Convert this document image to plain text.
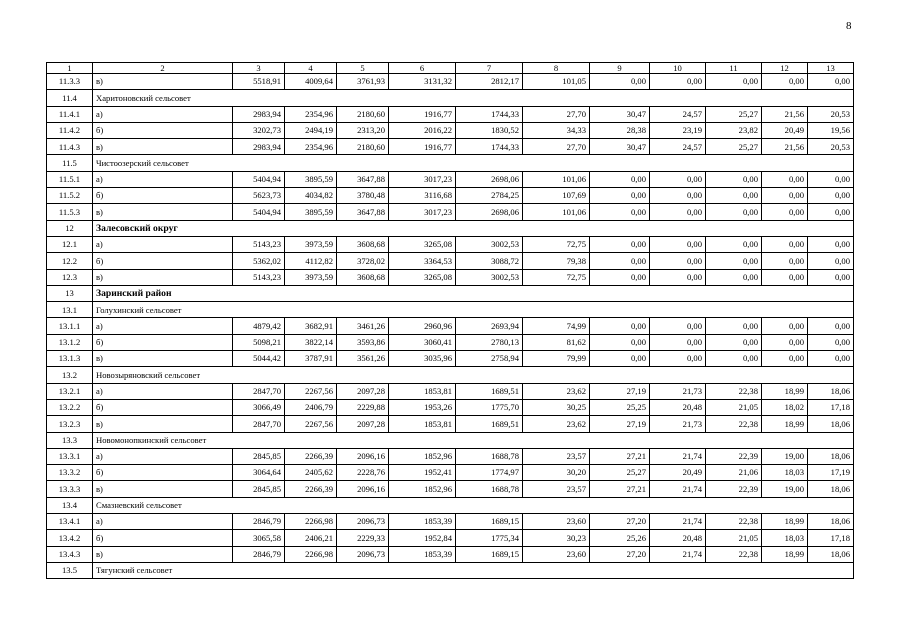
8
1	2	3	4	5	6	7	8	9	10	11	12	13
11.3.3	в)	5518,91	4009,64	3761,93	3131,32	2812,17	101,05	0,00	0,00	0,00	0,00	0,00
11.4	Харитоновский сельсовет											
11.4.1	а)	2983,94	2354,96	2180,60	1916,77	1744,33	27,70	30,47	24,57	25,27	21,56	20,53
11.4.2	б)	3202,73	2494,19	2313,20	2016,22	1830,52	34,33	28,38	23,19	23,82	20,49	19,56
11.4.3	в)	2983,94	2354,96	2180,60	1916,77	1744,33	27,70	30,47	24,57	25,27	21,56	20,53
11.5	Чистоозерский сельсовет											
11.5.1	а)	5404,94	3895,59	3647,88	3017,23	2698,06	101,06	0,00	0,00	0,00	0,00	0,00
11.5.2	б)	5623,73	4034,82	3780,48	3116,68	2784,25	107,69	0,00	0,00	0,00	0,00	0,00
11.5.3	в)	5404,94	3895,59	3647,88	3017,23	2698,06	101,06	0,00	0,00	0,00	0,00	0,00
12	Залесовский округ											
12.1	а)	5143,23	3973,59	3608,68	3265,08	3002,53	72,75	0,00	0,00	0,00	0,00	0,00
12.2	б)	5362,02	4112,82	3728,02	3364,53	3088,72	79,38	0,00	0,00	0,00	0,00	0,00
12.3	в)	5143,23	3973,59	3608,68	3265,08	3002,53	72,75	0,00	0,00	0,00	0,00	0,00
13	Заринский район											
13.1	Голухинский сельсовет											
13.1.1	а)	4879,42	3682,91	3461,26	2960,96	2693,94	74,99	0,00	0,00	0,00	0,00	0,00
13.1.2	б)	5098,21	3822,14	3593,86	3060,41	2780,13	81,62	0,00	0,00	0,00	0,00	0,00
13.1.3	в)	5044,42	3787,91	3561,26	3035,96	2758,94	79,99	0,00	0,00	0,00	0,00	0,00
13.2	Новозыряновский сельсовет											
13.2.1	а)	2847,70	2267,56	2097,28	1853,81	1689,51	23,62	27,19	21,73	22,38	18,99	18,06
13.2.2	б)	3066,49	2406,79	2229,88	1953,26	1775,70	30,25	25,25	20,48	21,05	18,02	17,18
13.2.3	в)	2847,70	2267,56	2097,28	1853,81	1689,51	23,62	27,19	21,73	22,38	18,99	18,06
13.3	Новомонопкинский сельсовет											
13.3.1	а)	2845,85	2266,39	2096,16	1852,96	1688,78	23,57	27,21	21,74	22,39	19,00	18,06
13.3.2	б)	3064,64	2405,62	2228,76	1952,41	1774,97	30,20	25,27	20,49	21,06	18,03	17,19
13.3.3	в)	2845,85	2266,39	2096,16	1852,96	1688,78	23,57	27,21	21,74	22,39	19,00	18,06
13.4	Смазневский сельсовет											
13.4.1	а)	2846,79	2266,98	2096,73	1853,39	1689,15	23,60	27,20	21,74	22,38	18,99	18,06
13.4.2	б)	3065,58	2406,21	2229,33	1952,84	1775,34	30,23	25,26	20,48	21,05	18,03	17,18
13.4.3	в)	2846,79	2266,98	2096,73	1853,39	1689,15	23,60	27,20	21,74	22,38	18,99	18,06
13.5	Тягунский сельсовет											
